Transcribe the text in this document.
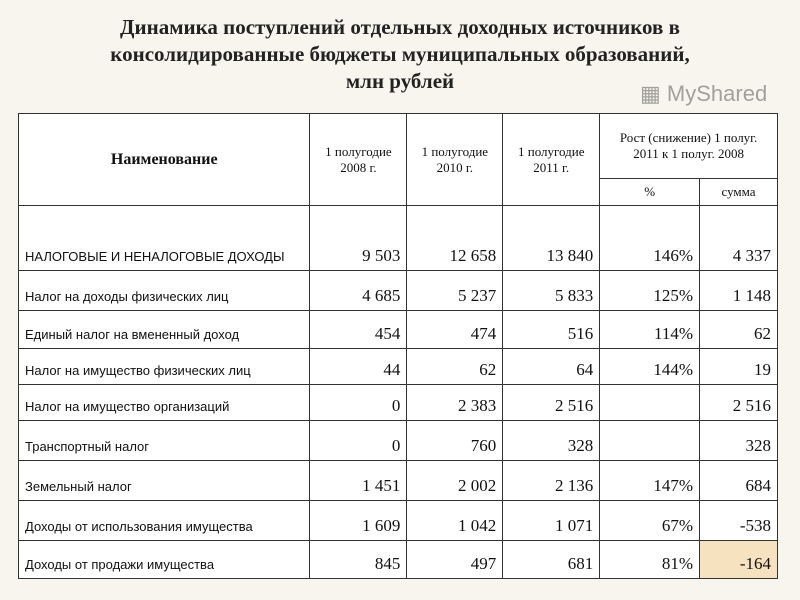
Динамика поступлений отдельных доходных источников в
консолидированные бюджеты муниципальных образований,
млн рублей
Наименование	1 полугодие 2008 г.	1 полугодие 2010 г.	1 полугодие 2011 г.	Рост (снижение) 1 полуг. 2011 к 1 полуг. 2008	
				%	сумма
НАЛОГОВЫЕ И НЕНАЛОГОВЫЕ ДОХОДЫ	9 503	12 658	13 840	146%	4 337
Налог на доходы физических лиц	4 685	5 237	5 833	125%	1 148
Единый налог на вмененный доход	454	474	516	114%	62
Налог на имущество физических лиц	44	62	64	144%	19
Налог на имущество организаций	0	2 383	2 516		2 516
Транспортный налог	0	760	328		328
Земельный налог	1 451	2 002	2 136	147%	684
Доходы от использования имущества	1 609	1 042	1 071	67%	-538
Доходы от продажи имущества	845	497	681	81%	-164
▦ MyShared
